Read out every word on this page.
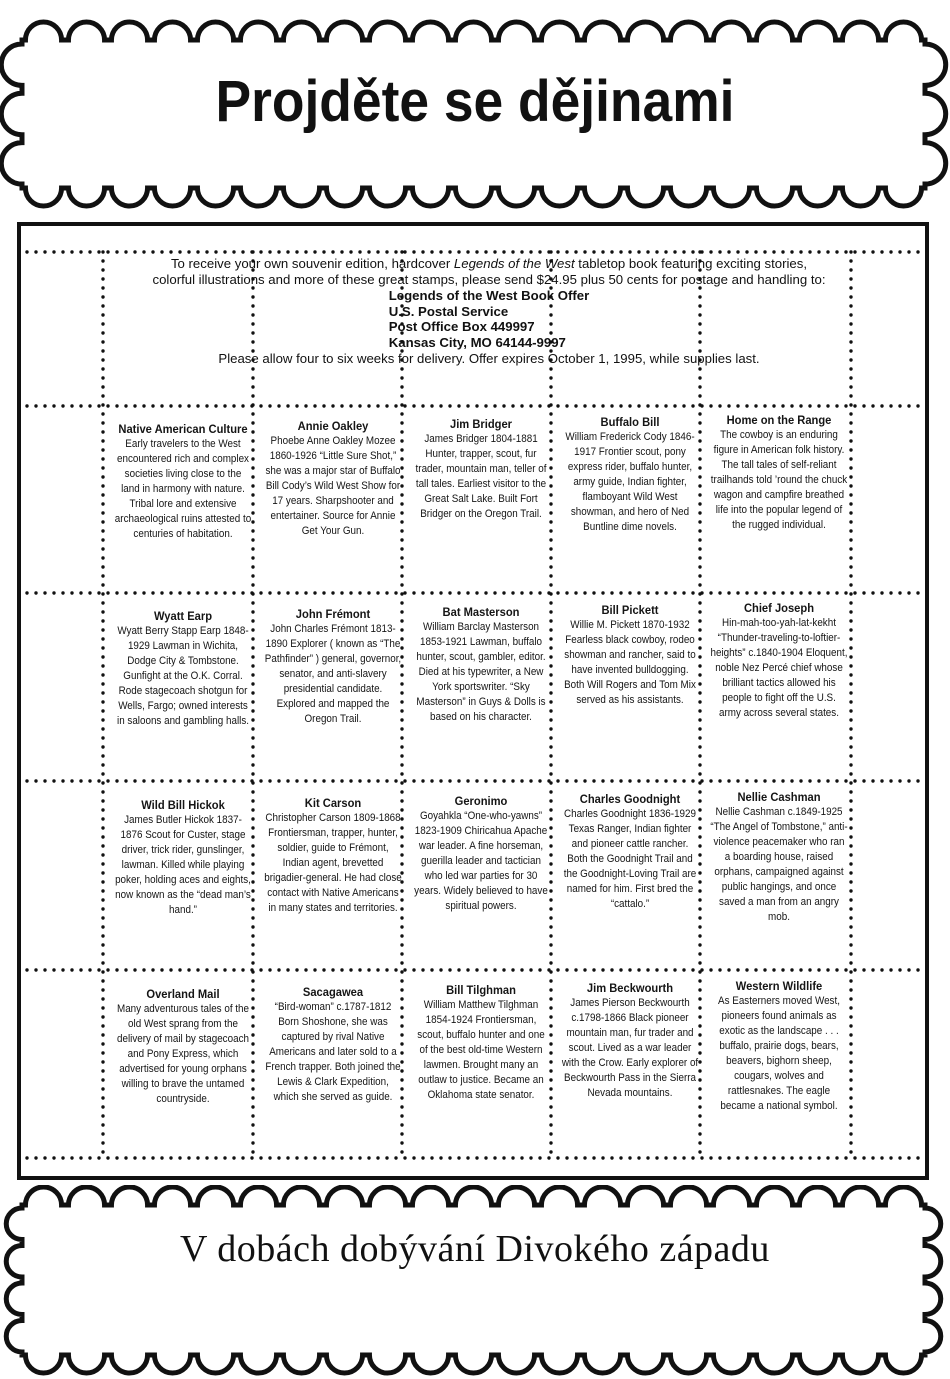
Projděte se dějinami
To receive your own souvenir edition, hardcover Legends of the West tabletop book featuring exciting stories,
colorful illustrations and more of these great stamps, please send $24.95 plus 50 cents for postage and handling to:
Legends of the West Book Offer
U.S. Postal Service
Post Office Box 449997
Kansas City, MO 64144-9997
Please allow four to six weeks for delivery. Offer expires October 1, 1995, while supplies last.
Native American Culture
Early travelers to the West encountered rich and complex societies living close to the land in harmony with nature. Tribal lore and extensive archaeological ruins attested to centuries of habitation.
Annie Oakley
Phoebe Anne Oakley Mozee 1860-1926 “Little Sure Shot,” she was a major star of Buffalo Bill Cody’s Wild West Show for 17 years. Sharpshooter and entertainer. Source for Annie Get Your Gun.
Jim Bridger
James Bridger 1804-1881 Hunter, trapper, scout, fur trader, mountain man, teller of tall tales. Earliest visitor to the Great Salt Lake. Built Fort Bridger on the Oregon Trail.
Buffalo Bill
William Frederick Cody 1846-1917 Frontier scout, pony express rider, buffalo hunter, army guide, Indian fighter, flamboyant Wild West showman, and hero of Ned Buntline dime novels.
Home on the Range
The cowboy is an enduring figure in American folk history. The tall tales of self-reliant trailhands told ’round the chuck wagon and campfire breathed life into the popular legend of the rugged individual.
Wyatt Earp
Wyatt Berry Stapp Earp 1848-1929 Lawman in Wichita, Dodge City & Tombstone. Gunfight at the O.K. Corral. Rode stagecoach shotgun for Wells, Fargo; owned interests in saloons and gambling halls.
John Frémont
John Charles Frémont 1813-1890 Explorer ( known as “The Pathfinder” ) general, governor, senator, and anti-slavery presidential candidate. Explored and mapped the Oregon Trail.
Bat Masterson
William Barclay Masterson 1853-1921 Lawman, buffalo hunter, scout, gambler, editor. Died at his typewriter, a New York sportswriter. “Sky Masterson” in Guys & Dolls is based on his character.
Bill Pickett
Willie M. Pickett 1870-1932 Fearless black cowboy, rodeo showman and rancher, said to have invented bulldogging. Both Will Rogers and Tom Mix served as his assistants.
Chief Joseph
Hin-mah-too-yah-lat-kekht “Thunder-traveling-to-loftier-heights” c.1840-1904 Eloquent, noble Nez Percé chief whose brilliant tactics allowed his people to fight off the U.S. army across several states.
Wild Bill Hickok
James Butler Hickok 1837-1876 Scout for Custer, stage driver, trick rider, gunslinger, lawman. Killed while playing poker, holding aces and eights, now known as the “dead man’s hand.”
Kit Carson
Christopher Carson 1809-1868 Frontiersman, trapper, hunter, soldier, guide to Frémont, Indian agent, brevetted brigadier-general. He had close contact with Native Americans in many states and territories.
Geronimo
Goyahkla “One-who-yawns” 1823-1909 Chiricahua Apache war leader. A fine horseman, guerilla leader and tactician who led war parties for 30 years. Widely believed to have spiritual powers.
Charles Goodnight
Charles Goodnight 1836-1929 Texas Ranger, Indian fighter and pioneer cattle rancher. Both the Goodnight Trail and the Goodnight-Loving Trail are named for him. First bred the “cattalo.”
Nellie Cashman
Nellie Cashman c.1849-1925 “The Angel of Tombstone,” anti-violence peacemaker who ran a boarding house, raised orphans, campaigned against public hangings, and once saved a man from an angry mob.
Overland Mail
Many adventurous tales of the old West sprang from the delivery of mail by stagecoach and Pony Express, which advertised for young orphans willing to brave the untamed countryside.
Sacagawea
“Bird-woman” c.1787-1812 Born Shoshone, she was captured by rival Native Americans and later sold to a French trapper. Both joined the Lewis & Clark Expedition, which she served as guide.
Bill Tilghman
William Matthew Tilghman 1854-1924 Frontiersman, scout, buffalo hunter and one of the best old-time Western lawmen. Brought many an outlaw to justice. Became an Oklahoma state senator.
Jim Beckwourth
James Pierson Beckwourth c.1798-1866 Black pioneer mountain man, fur trader and scout. Lived as a war leader with the Crow. Early explorer of Beckwourth Pass in the Sierra Nevada mountains.
Western Wildlife
As Easterners moved West, pioneers found animals as exotic as the landscape . . . buffalo, prairie dogs, bears, beavers, bighorn sheep, cougars, wolves and rattlesnakes. The eagle became a national symbol.
V dobách dobývání Divokého západu
